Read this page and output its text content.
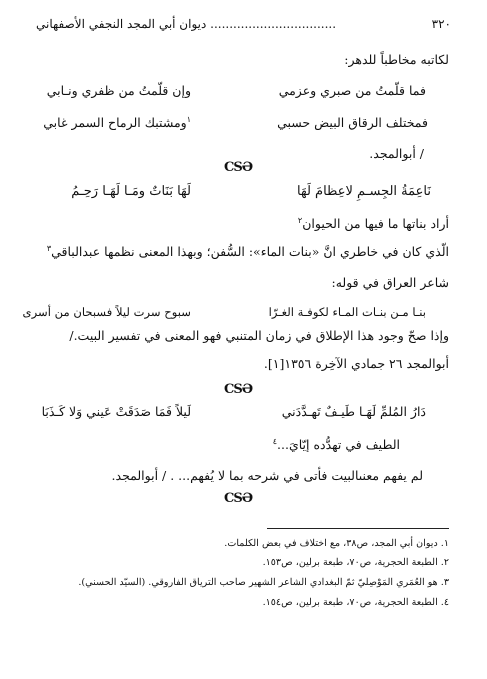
٣٢٠
................................. ديوان أبي المجد النجفي الأصفهاني
لكاتبه مخاطباً للدهر:
فما قلّمتُ من صبري وعزمي
وإن قلّمتُ من ظفري ونـابي
فمختلف الرقاق البيض حسبي
$^١$ومشتبك الرماح السمر غابي
/ أبوالمجد.
CSƏ
نَاعِمَةُ الجِسـمِ لاعِظامَ لَهَا
لَهَا بَنَاتٌ ومَـا لَهَـا رَحِـمُ
أراد بناتها ما فيها من الحيوان$^٢$
الّذي كان في خاطري انَّ «بنات الماء»: السُّفن؛ وبهذا المعنى نظمها عبدالباقي$^٣$
شاعر العراق في قوله:
بنـا مـن بنـات المـاء لكوفـة الغـرّا
سبوح سرت ليلاً فسبحان من أسرى
وإذا صحّ وجود هذا الإطلاق في زمان المتنبي فهو المعنى في تفسير البيت./
أبوالمجد ٢٦ جمادي الآخِرة ١٣٥٦[١].
CSƏ
دَارُ المُلمِّ لَهَـا طَيـفٌ تَهـدَّدَني
لَيلاً فَمَا صَدَقَتْ عَيني وَلا كَـذَبَا
الطيف في تهدُّده إيّايَ...$^٤$
لم يفهم معنىالبيت فأتى في شرحه بما لا يُفهم... . / أبوالمجد.
CSƏ
١. ديوان أبي المجد، ص٣٨، مع اختلاف في بعض الكلمات.
٢. الطبعة الحجرية، ص٧٠، طبعة برلين، ص١٥٣.
٣. هو العُمَري المَوْصِليّ ثمّ البغدادي الشاعر الشهير صاحب الترياق الفاروقي. (السيّد الحسني).
٤. الطبعة الحجرية، ص٧٠، طبعة برلين، ص١٥٤.
